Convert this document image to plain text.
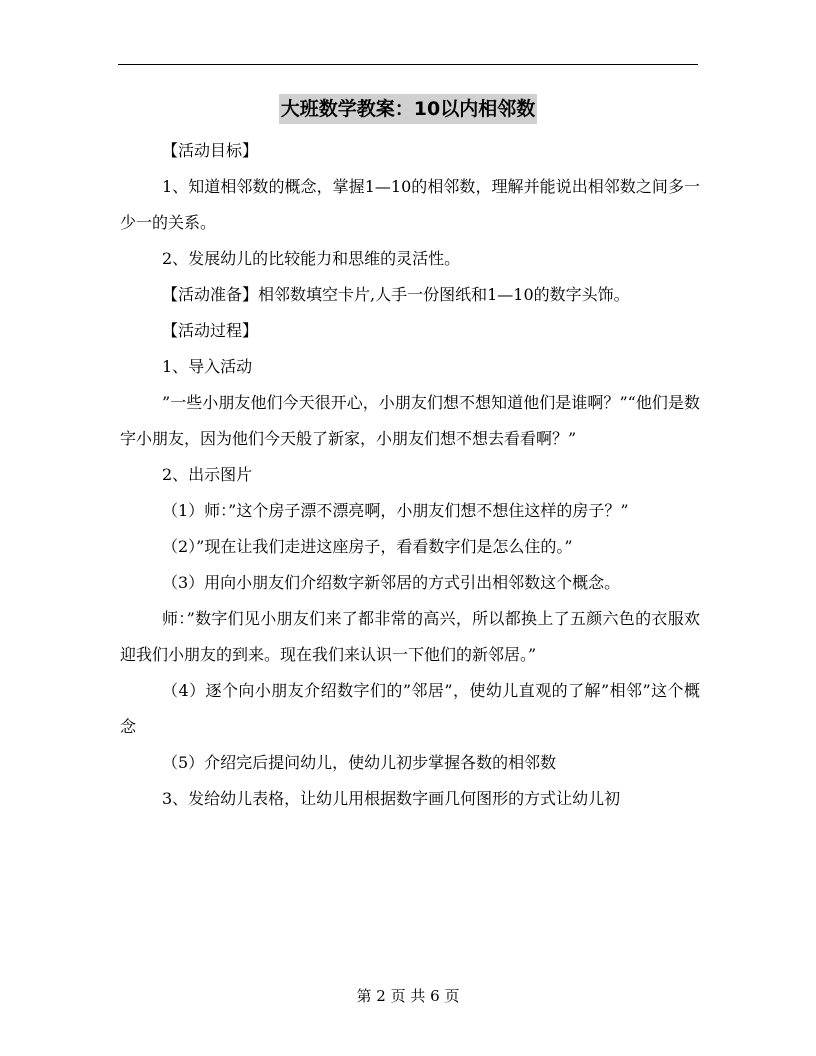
大班数学教案：10以内相邻数

【活动目标】

1、知道相邻数的概念，掌握1—10的相邻数，理解并能说出相邻数之间多一少一的关系。

2、发展幼儿的比较能力和思维的灵活性。

【活动准备】相邻数填空卡片,人手一份图纸和1—10的数字头饰。

【活动过程】

1、导入活动

”一些小朋友他们今天很开心，小朋友们想不想知道他们是谁啊？”“他们是数字小朋友，因为他们今天般了新家，小朋友们想不想去看看啊？”

2、出示图片

（1）师：”这个房子漂不漂亮啊，小朋友们想不想住这样的房子？”

（2）”现在让我们走进这座房子，看看数字们是怎么住的。”

（3）用向小朋友们介绍数字新邻居的方式引出相邻数这个概念。

师：”数字们见小朋友们来了都非常的高兴，所以都换上了五颜六色的衣服欢迎我们小朋友的到来。现在我们来认识一下他们的新邻居。”

（4）逐个向小朋友介绍数字们的”邻居”，使幼儿直观的了解”相邻”这个概念

（5）介绍完后提问幼儿，使幼儿初步掌握各数的相邻数

3、发给幼儿表格，让幼儿用根据数字画几何图形的方式让幼儿初

第 2 页 共 6 页
